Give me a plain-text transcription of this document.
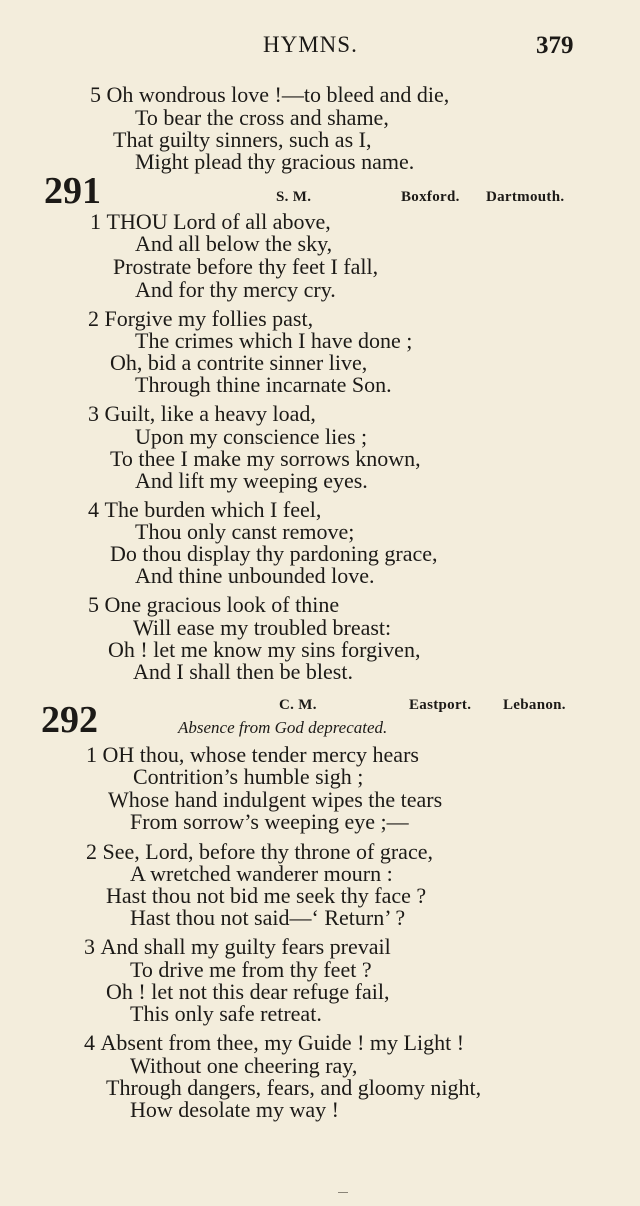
HYMNS.	379
5 Oh wondrous love !—to bleed and die,
To bear the cross and shame,
That guilty sinners, such as I,
Might plead thy gracious name.
291	S. M.	Boxford. Dartmouth.
1 THOU Lord of all above,
And all below the sky,
Prostrate before thy feet I fall,
And for thy mercy cry.
2 Forgive my follies past,
The crimes which I have done ;
Oh, bid a contrite sinner live,
Through thine incarnate Son.
3 Guilt, like a heavy load,
Upon my conscience lies ;
To thee I make my sorrows known,
And lift my weeping eyes.
4 The burden which I feel,
Thou only canst remove;
Do thou display thy pardoning grace,
And thine unbounded love.
5 One gracious look of thine
Will ease my troubled breast:
Oh ! let me know my sins forgiven,
And I shall then be blest.
C. M.	Eastport. Lebanon.
292	Absence from God deprecated.
1 OH thou, whose tender mercy hears
Contrition’s humble sigh ;
Whose hand indulgent wipes the tears
From sorrow’s weeping eye ;—
2 See, Lord, before thy throne of grace,
A wretched wanderer mourn :
Hast thou not bid me seek thy face ?
Hast thou not said—‘ Return’ ?
3 And shall my guilty fears prevail
To drive me from thy feet ?
Oh ! let not this dear refuge fail,
This only safe retreat.
4 Absent from thee, my Guide ! my Light !
Without one cheering ray,
Through dangers, fears, and gloomy night,
How desolate my way !
